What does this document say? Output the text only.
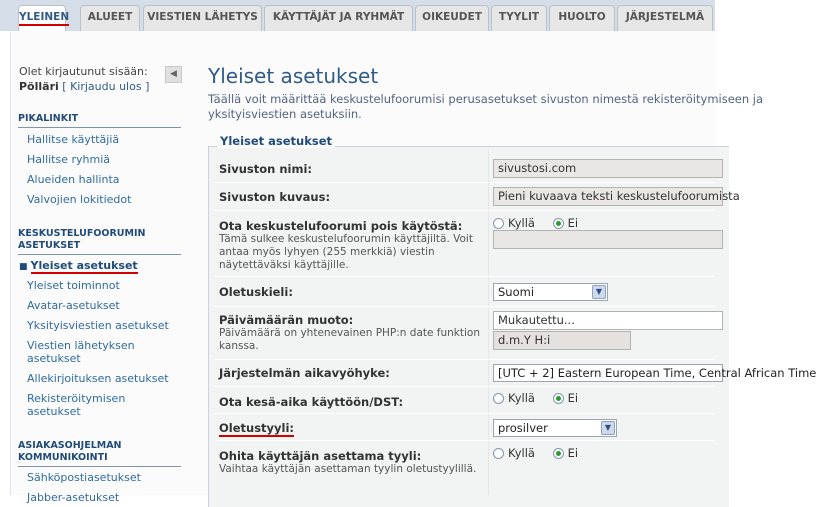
YLEINEN	ALUEET	VIESTIEN LÄHETYS	KÄYTTÄJÄT JA RYHMÄT	OIKEUDET	TYYLIT	HUOLTO	JÄRJESTELMÄ
Olet kirjautunut sisään:
Pöllärі [ Kirjaudu ulos ]
◀
PIKALINKIT
Hallitse käyttäjiä
Hallitse ryhmiä
Alueiden hallinta
Valvojien lokitiedot
KESKUSTELUFOORUMIN ASETUKSET
■ Yleiset asetukset
Yleiset toiminnot
Avatar-asetukset
Yksityisviestien asetukset
Viestien lähetyksen asetukset
Allekirjoituksen asetukset
Rekisteröitymisen asetukset
ASIAKASOHJELMAN KOMMUNIKOINTI
Sähköpostiasetukset
Jabber-asetukset
Yleiset asetukset
Täällä voit määrittää keskustelufoorumisi perusasetukset sivuston nimestä rekisteröitymiseen ja
yksityisviestien asetuksiin.
Yleiset asetukset
Sivuston nimi:	sivustosi.com
Sivuston kuvaus:	Pieni kuvaava teksti keskustelufoorumista
Ota keskustelufoorumi pois käytöstä:
Tämä sulkee keskustelufoorumin käyttäjiltä. Voit antaa myös lyhyen (255 merkkiä) viestin näytettäväksi käyttäjille.
Kyllä	Ei
Oletuskieli:	Suomi	▼
Päivämäärän muoto:
Päivämäärä on yhtenevainen PHP:n date funktion kanssa.
Mukautettu...
d.m.Y H:i
Järjestelmän aikavyöhyke:	[UTC + 2] Eastern European Time, Central African Time
Ota kesä-aika käyttöön/DST:	Kyllä	Ei
Oletustyyli:	prosilver	▼
Ohita käyttäjän asettama tyyli:
Vaihtaa käyttäjän asettaman tyylin oletustyylillä.
Kyllä	Ei
